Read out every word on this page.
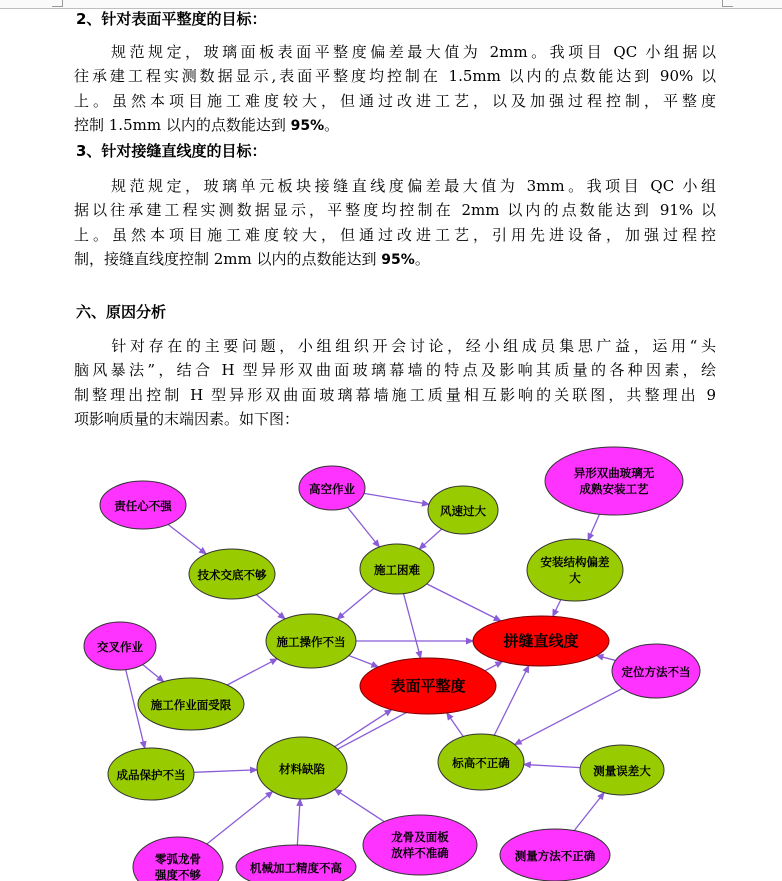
2、针对表面平整度的目标：
　　规范规定，玻璃面板表面平整度偏差最大值为 2mm。我项目 QC 小组据以
往承建工程实测数据显示,表面平整度均控制在 1.5mm 以内的点数能达到 90% 以
上。虽然本项目施工难度较大，但通过改进工艺，以及加强过程控制，平整度
控制 1.5mm 以内的点数能达到 95%。
3、针对接缝直线度的目标：
　　规范规定，玻璃单元板块接缝直线度偏差最大值为 3mm。我项目 QC 小组
据以往承建工程实测数据显示，平整度均控制在 2mm 以内的点数能达到 91% 以
上。虽然本项目施工难度较大，但通过改进工艺，引用先进设备，加强过程控
制，接缝直线度控制 2mm 以内的点数能达到 95%。
六、原因分析
　　针对存在的主要问题，小组组织开会讨论，经小组成员集思广益，运用“头
脑风暴法”，结合 H 型异形双曲面玻璃幕墙的特点及影响其质量的各种因素，绘
制整理出控制 H 型异形双曲面玻璃幕墙施工质量相互影响的关联图，共整理出 9
项影响质量的末端因素。如下图：
责任心不强
高空作业
风速过大
异形双曲玻璃无
成熟安装工艺
技术交底不够	施工困难
安装结构偏差
大
交叉作业	施工操作不当	拼缝直线度
表面平整度
定位方法不当
施工作业面受限
成品保护不当	材料缺陷	标高不正确
测量误差大
零弧龙骨
强度不够	机械加工精度不高
龙骨及面板
放样不准确	测量方法不正确
